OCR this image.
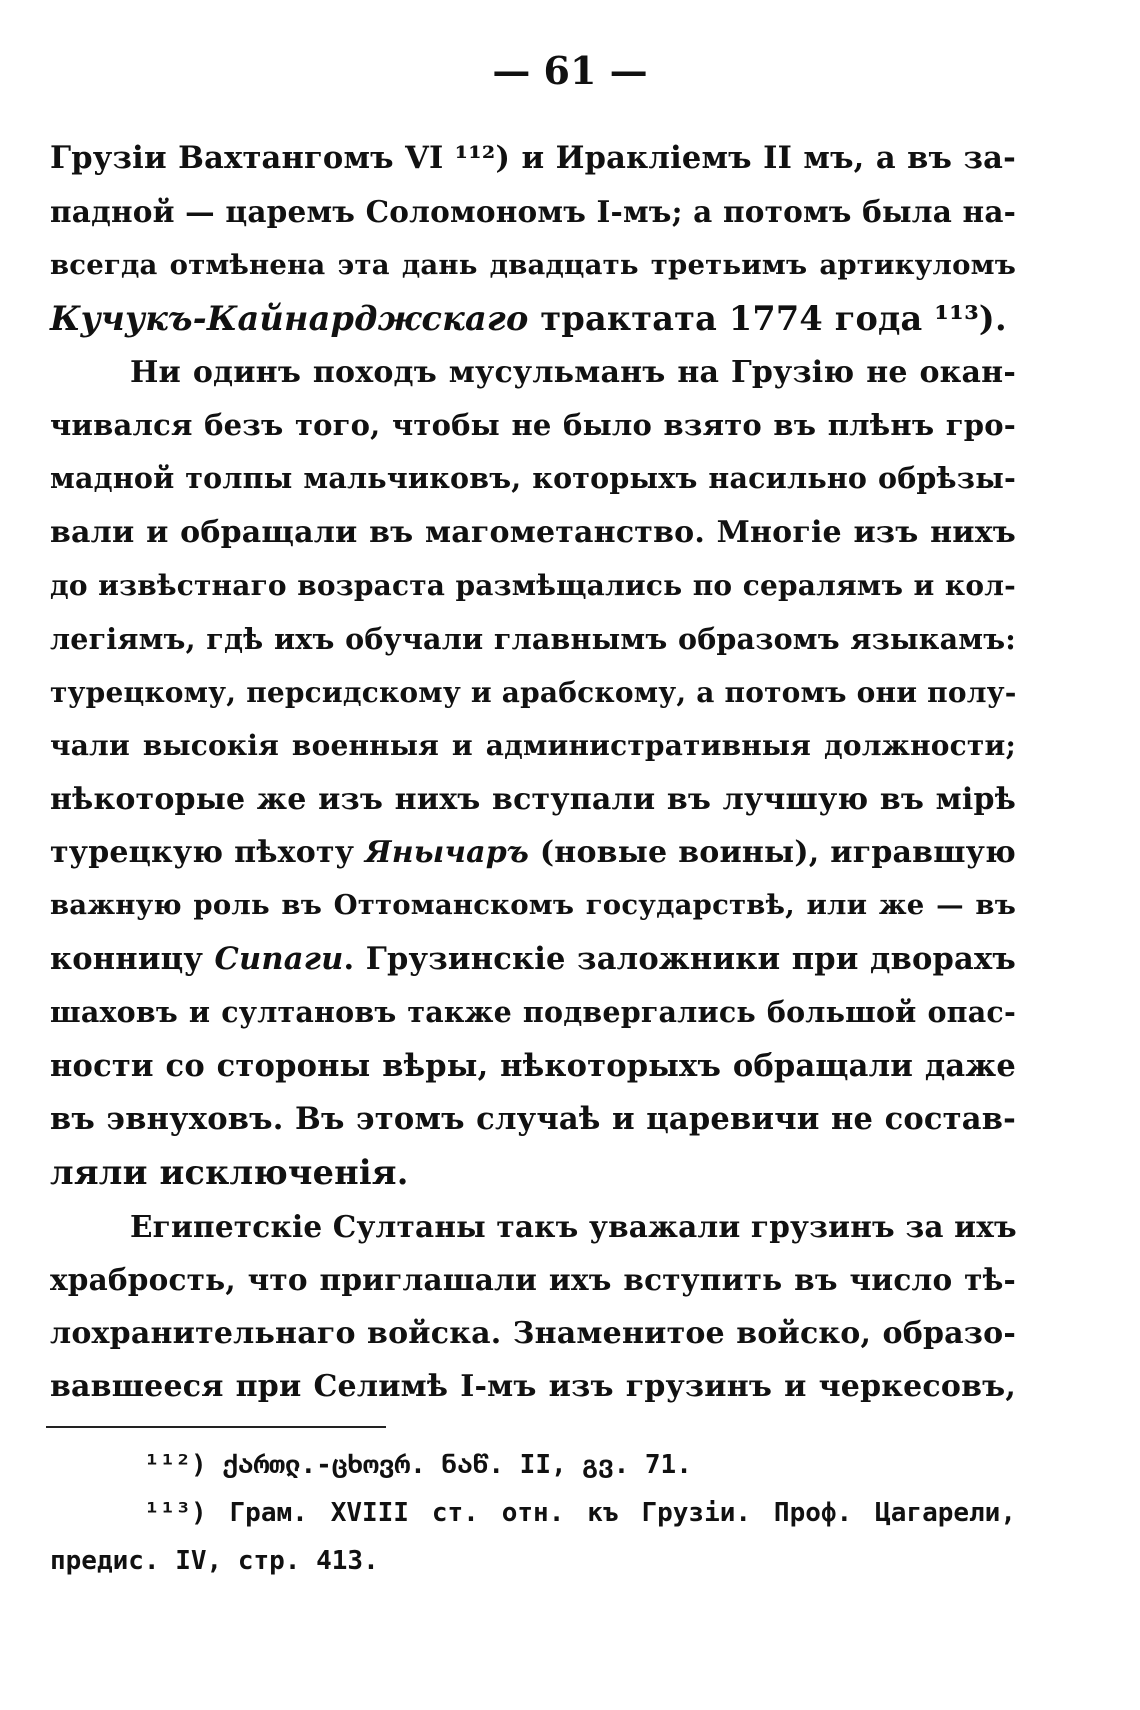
— 61 —
Грузіи Вахтангомъ VI ¹¹²) и Ираклiемъ II мъ, а въ за-
падной — царемъ Соломономъ I-мъ; а потомъ была на-
всегда отмѣнена эта дань двадцать третьимъ артикуломъ
Кучукъ-Кайнарджскаго трактата 1774 года ¹¹³).
Ни одинъ походъ мусульманъ на Грузію не окан-
чивался безъ того, чтобы не было взято въ плѣнъ гро-
мадной толпы мальчиковъ, которыхъ насильно обрѣзы-
вали и обращали въ магометанство. Многіе изъ нихъ
до извѣстнаго возраста размѣщались по сералямъ и кол-
легіямъ, гдѣ ихъ обучали главнымъ образомъ языкамъ:
турецкому, персидскому и арабскому, а потомъ они полу-
чали высокія военныя и административныя должности;
нѣкоторые же изъ нихъ вступали въ лучшую въ мірѣ
турецкую пѣхоту Янычаръ (новые воины), игравшую
важную роль въ Оттоманскомъ государствѣ, или же — въ
конницу Сипаги. Грузинскіе заложники при дворахъ
шаховъ и султановъ также подвергались большой опас-
ности со стороны вѣры, нѣкоторыхъ обращали даже
въ эвнуховъ. Въ этомъ случаѣ и царевичи не состав-
ляли исключенія.
Египетскіе Султаны такъ уважали грузинъ за ихъ
храбрость, что приглашали ихъ вступить въ число тѣ-
лохранительнаго войска. Знаменитое войско, образо-
вавшееся при Селимѣ I-мъ изъ грузинъ и черкесовъ,
¹¹²) ქართლ.-ცხოვრ. ნაწ. II, გვ. 71.
¹¹³) Грам. XVIII ст. отн. къ Грузіи. Проф. Цагарели,
предис. IV, стр. 413.
